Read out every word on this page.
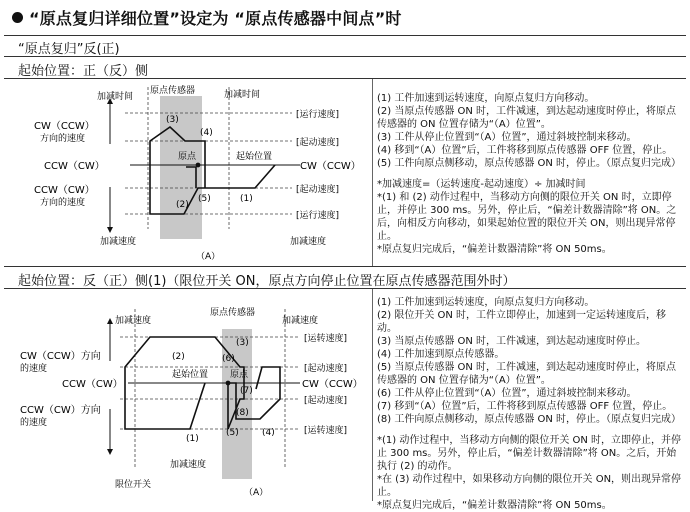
“原点复归详细位置”设定为 “原点传感器中间点”时
“原点复归”反(正)
起始位置：正（反）侧
原点传感器
加减时间	加减时间
[运行速度]
[起动速度]
[起动速度]
[运行速度]
CW（CCW）
方向的速度
CCW（CW）	CW（CCW）
原点	起始位置
CCW（CW）
方向的速度
加减速度	加减速度
（A）
(3)
(4)
(2)
(5)	(1)
(1) 工件加速到运转速度，向原点复归方向移动。
(2) 当原点传感器 ON 时，工件减速，到达起动速度时停止，将原点传感器的 ON 位置存储为“（A）位置”。
(3) 工件从停止位置到“（A）位置”，通过斜坡控制来移动。
(4) 移到“（A）位置”后，工件将移到原点传感器 OFF 位置，停止。
(5) 工件向原点侧移动，原点传感器 ON 时，停止。（原点复归完成）
*加减速度=（运转速度-起动速度）÷ 加减时间
*(1) 和 (2) 动作过程中，当移动方向侧的限位开关 ON 时，立即停止，并停止 300 ms。另外，停止后，“偏差计数器清除”将 ON。之后，向相反方向移动，如果起始位置的限位开关 ON，则出现异常停止。
*原点复归完成后，“偏差计数器清除”将 ON 50ms。
起始位置：反（正）侧(1)（限位开关 ON，原点方向停止位置在原点传感器范围外时）
原点传感器
加减速度	加减速度
[运转速度]
[起动速度]
[起动速度]
[运转速度]
CW（CCW）方向
的速度
CCW（CW）	CW（CCW）
起始位置 原点
CCW（CW）方向
的速度
限位开关
加减速度
（A）
(2)
(3)
(6)
(7)
(8)
(5)	(4)
(1)
(1) 工件加速到运转速度，向原点复归方向移动。
(2) 限位开关 ON 时，工件立即停止，加速到一定运转速度后，移动。
(3) 当原点传感器 ON 时，工件减速，到达起动速度时停止。
(4) 工件加速到原点传感器。
(5) 当原点传感器 ON 时，工件减速，到达起动速度时停止，将原点传感器的 ON 位置存储为“（A）位置”。
(6) 工件从停止位置到“（A）位置”，通过斜坡控制来移动。
(7) 移到“（A）位置”后，工件将移到原点传感器 OFF 位置，停止。
(8) 工件向原点侧移动，原点传感器 ON 时，停止。（原点复归完成）
*(1) 动作过程中，当移动方向侧的限位开关 ON 时，立即停止，并停止 300 ms。另外，停止后，“偏差计数器清除”将 ON。之后，开始执行 (2) 的动作。
*在 (3) 动作过程中，如果移动方向侧的限位开关 ON，则出现异常停止。
*原点复归完成后，“偏差计数器清除”将 ON 50ms。
